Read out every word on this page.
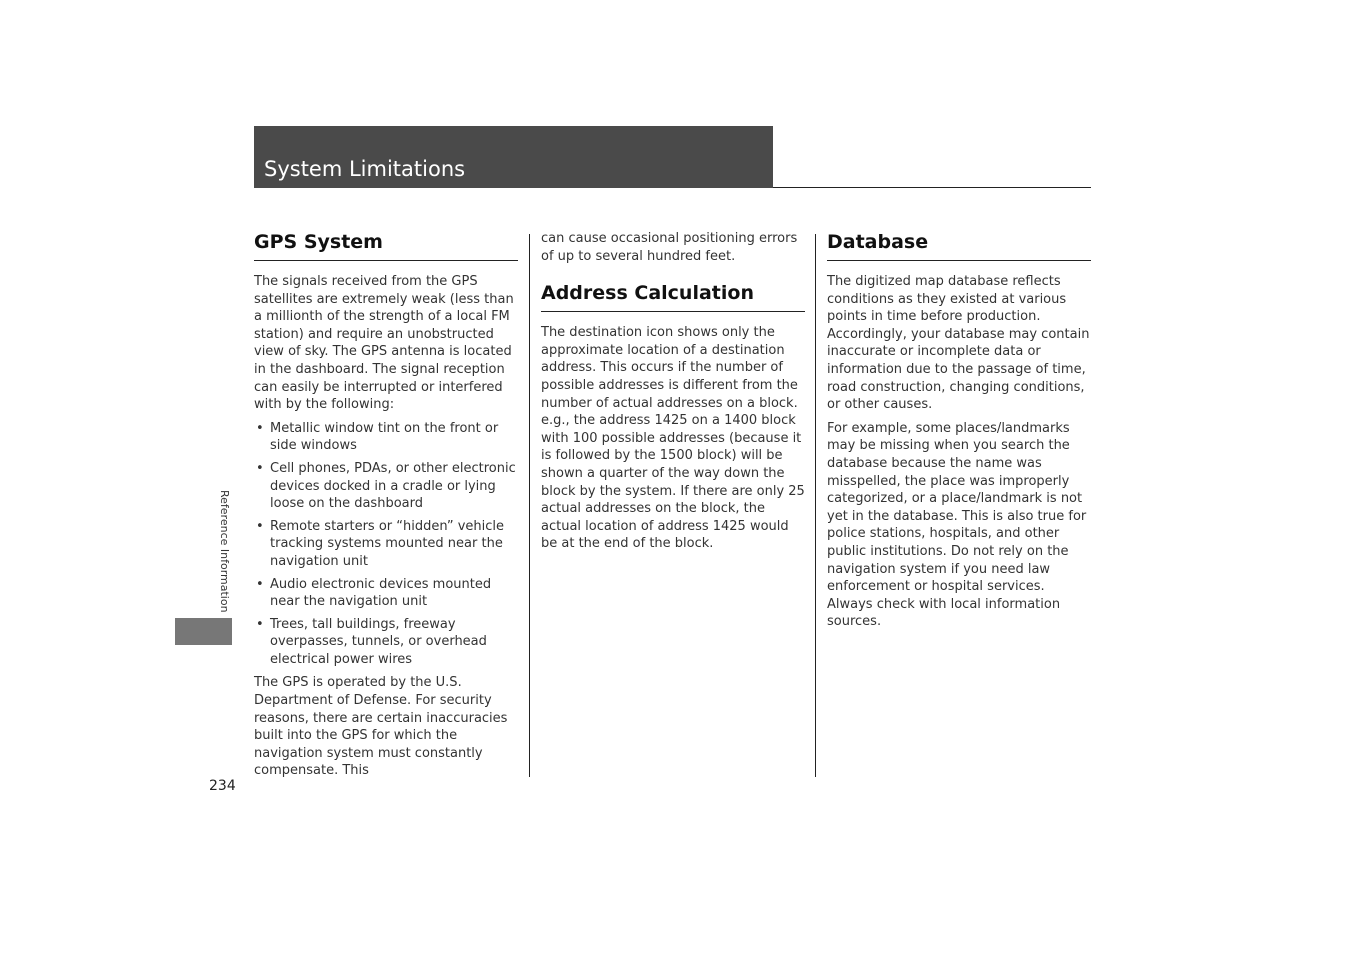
System Limitations
Reference Information
234
GPS System

The signals received from the GPS satellites are extremely weak (less than a millionth of the strength of a local FM station) and require an unobstructed view of sky. The GPS antenna is located in the dashboard. The signal reception can easily be interrupted or interfered with by the following:

• Metallic window tint on the front or side windows
• Cell phones, PDAs, or other electronic devices docked in a cradle or lying loose on the dashboard
• Remote starters or “hidden” vehicle tracking systems mounted near the navigation unit
• Audio electronic devices mounted near the navigation unit
• Trees, tall buildings, freeway overpasses, tunnels, or overhead electrical power wires

The GPS is operated by the U.S. Department of Defense. For security reasons, there are certain inaccuracies built into the GPS for which the navigation system must constantly compensate. This

can cause occasional positioning errors of up to several hundred feet.

Address Calculation

The destination icon shows only the approximate location of a destination address. This occurs if the number of possible addresses is different from the number of actual addresses on a block. e.g., the address 1425 on a 1400 block with 100 possible addresses (because it is followed by the 1500 block) will be shown a quarter of the way down the block by the system. If there are only 25 actual addresses on the block, the actual location of address 1425 would be at the end of the block.

Database

The digitized map database reflects conditions as they existed at various points in time before production. Accordingly, your database may contain inaccurate or incomplete data or information due to the passage of time, road construction, changing conditions, or other causes.

For example, some places/landmarks may be missing when you search the database because the name was misspelled, the place was improperly categorized, or a place/landmark is not yet in the database. This is also true for police stations, hospitals, and other public institutions. Do not rely on the navigation system if you need law enforcement or hospital services. Always check with local information sources.
